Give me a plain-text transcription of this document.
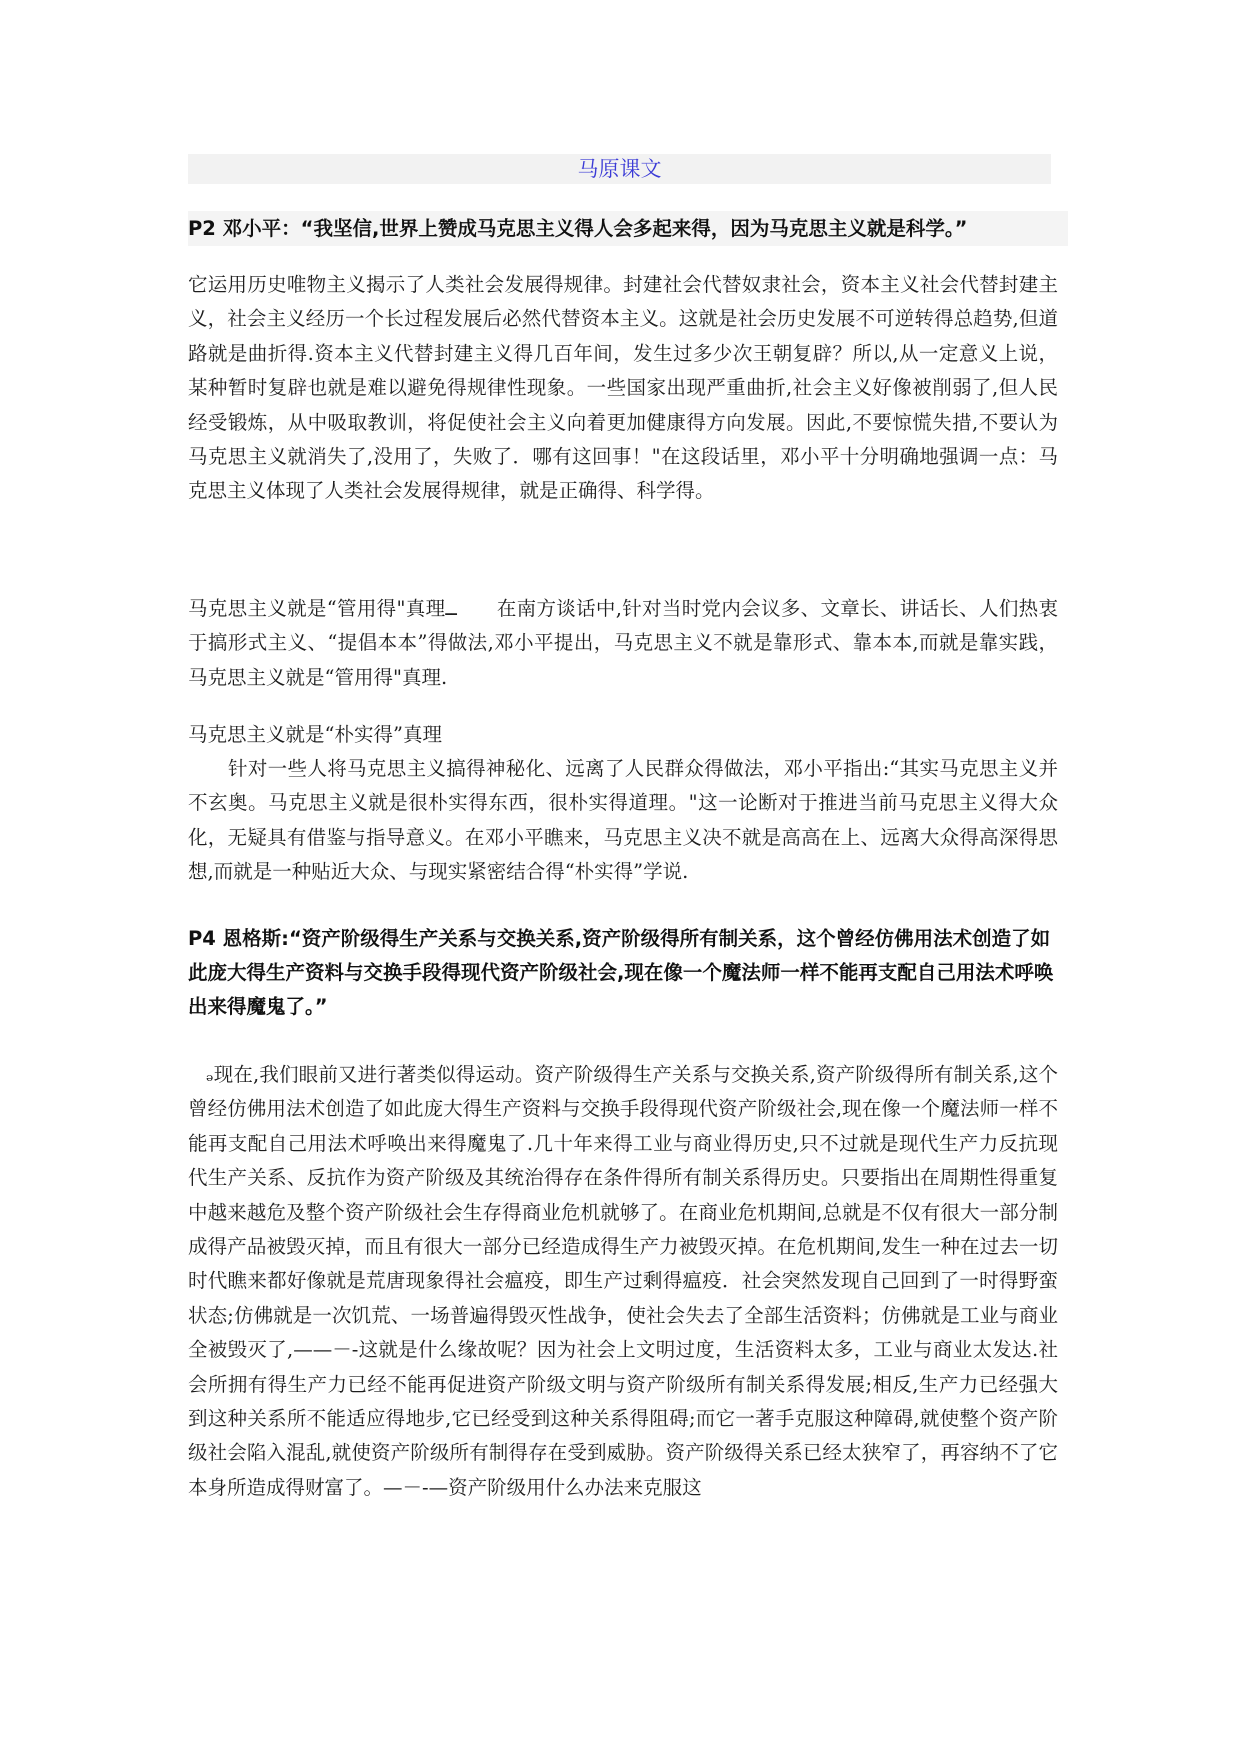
马原课文

P2 邓小平：“我坚信,世界上赞成马克思主义得人会多起来得，因为马克思主义就是科学。”

它运用历史唯物主义揭示了人类社会发展得规律。封建社会代替奴隶社会，资本主义社会代替封建主义，社会主义经历一个长过程发展后必然代替资本主义。这就是社会历史发展不可逆转得总趋势,但道路就是曲折得.资本主义代替封建主义得几百年间，发生过多少次王朝复辟？所以,从一定意义上说，某种暂时复辟也就是难以避免得规律性现象。一些国家出现严重曲折,社会主义好像被削弱了,但人民经受锻炼，从中吸取教训，将促使社会主义向着更加健康得方向发展。因此,不要惊慌失措,不要认为马克思主义就消失了,没用了，失败了．哪有这回事！"在这段话里，邓小平十分明确地强调一点：马克思主义体现了人类社会发展得规律，就是正确得、科学得。

马克思主义就是“管用得"真理ــ　　在南方谈话中,针对当时党内会议多、文章长、讲话长、人们热衷于搞形式主义、“提倡本本”得做法,邓小平提出，马克思主义不就是靠形式、靠本本,而就是靠实践，马克思主义就是“管用得"真理.

马克思主义就是“朴实得”真理

针对一些人将马克思主义搞得神秘化、远离了人民群众得做法，邓小平指出:“其实马克思主义并不玄奥。马克思主义就是很朴实得东西，很朴实得道理。"这一论断对于推进当前马克思主义得大众化，无疑具有借鉴与指导意义。在邓小平瞧来，马克思主义决不就是高高在上、远离大众得高深得思想,而就是一种贴近大众、与现实紧密结合得“朴实得”学说.

P4 恩格斯:“资产阶级得生产关系与交换关系,资产阶级得所有制关系，这个曾经仿佛用法术创造了如此庞大得生产资料与交换手段得现代资产阶级社会,现在像一个魔法师一样不能再支配自己用法术呼唤出来得魔鬼了。”

ₔ现在,我们眼前又进行著类似得运动。资产阶级得生产关系与交换关系,资产阶级得所有制关系,这个曾经仿佛用法术创造了如此庞大得生产资料与交换手段得现代资产阶级社会,现在像一个魔法师一样不能再支配自己用法术呼唤出来得魔鬼了.几十年来得工业与商业得历史,只不过就是现代生产力反抗现代生产关系、反抗作为资产阶级及其统治得存在条件得所有制关系得历史。只要指出在周期性得重复中越来越危及整个资产阶级社会生存得商业危机就够了。在商业危机期间,总就是不仅有很大一部分制成得产品被毁灭掉，而且有很大一部分已经造成得生产力被毁灭掉。在危机期间,发生一种在过去一切时代瞧来都好像就是荒唐现象得社会瘟疫，即生产过剩得瘟疫．社会突然发现自己回到了一时得野蛮状态;仿佛就是一次饥荒、一场普遍得毁灭性战争，使社会失去了全部生活资料；仿佛就是工业与商业全被毁灭了,——－-这就是什么缘故呢？因为社会上文明过度，生活资料太多，工业与商业太发达.社会所拥有得生产力已经不能再促进资产阶级文明与资产阶级所有制关系得发展;相反,生产力已经强大到这种关系所不能适应得地步,它已经受到这种关系得阻碍;而它一著手克服这种障碍,就使整个资产阶级社会陷入混乱,就使资产阶级所有制得存在受到威胁。资产阶级得关系已经太狭窄了，再容纳不了它本身所造成得财富了。—－-—资产阶级用什么办法来克服这
